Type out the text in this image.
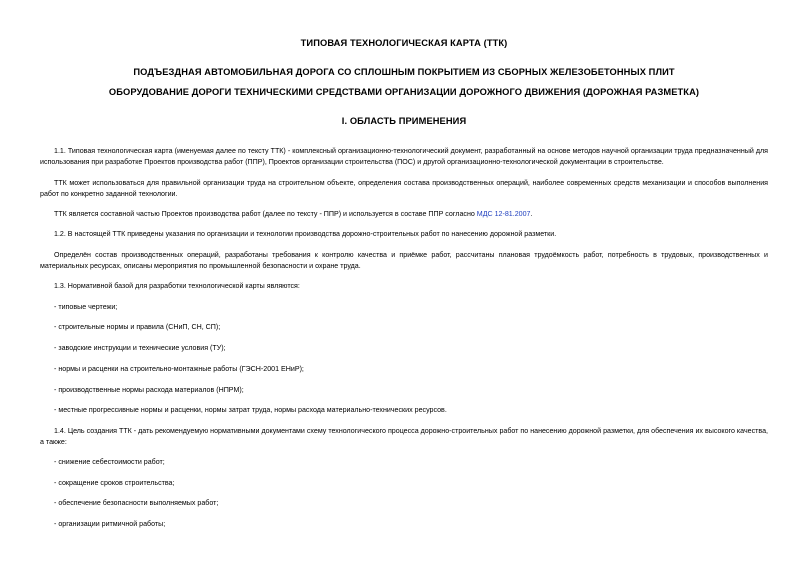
ТИПОВАЯ ТЕХНОЛОГИЧЕСКАЯ КАРТА (ТТК)
ПОДЪЕЗДНАЯ АВТОМОБИЛЬНАЯ ДОРОГА СО СПЛОШНЫМ ПОКРЫТИЕМ ИЗ СБОРНЫХ ЖЕЛЕЗОБЕТОННЫХ ПЛИТ
ОБОРУДОВАНИЕ ДОРОГИ ТЕХНИЧЕСКИМИ СРЕДСТВАМИ ОРГАНИЗАЦИИ ДОРОЖНОГО ДВИЖЕНИЯ (ДОРОЖНАЯ РАЗМЕТКА)
I. ОБЛАСТЬ ПРИМЕНЕНИЯ

1.1. Типовая технологическая карта (именуемая далее по тексту ТТК) - комплексный организационно-технологический документ, разработанный на основе методов научной организации труда предназначенный для использования при разработке Проектов производства работ (ППР), Проектов организации строительства (ПОС) и другой организационно-технологической документации в строительстве.

ТТК может использоваться для правильной организации труда на строительном объекте, определения состава производственных операций, наиболее современных средств механизации и способов выполнения работ по конкретно заданной технологии.

ТТК является составной частью Проектов производства работ (далее по тексту - ППР) и используется в составе ППР согласно МДС 12-81.2007.

1.2. В настоящей ТТК приведены указания по организации и технологии производства дорожно-строительных работ по нанесению дорожной разметки.

Определён состав производственных операций, разработаны требования к контролю качества и приёмке работ, рассчитаны плановая трудоёмкость работ, потребность в трудовых, производственных и материальных ресурсах, описаны мероприятия по промышленной безопасности и охране труда.

1.3. Нормативной базой для разработки технологической карты являются:

- типовые чертежи;

- строительные нормы и правила (СНиП, СН, СП);

- заводские инструкции и технические условия (ТУ);

- нормы и расценки на строительно-монтажные работы (ГЭСН-2001 ЕНиР);

- производственные нормы расхода материалов (НПРМ);

- местные прогрессивные нормы и расценки, нормы затрат труда, нормы расхода материально-технических ресурсов.

1.4. Цель создания ТТК - дать рекомендуемую нормативными документами схему технологического процесса дорожно-строительных работ по нанесению дорожной разметки, для обеспечения их высокого качества, а также:

- снижение себестоимости работ;

- сокращение сроков строительства;

- обеспечение безопасности выполняемых работ;

- организации ритмичной работы;
